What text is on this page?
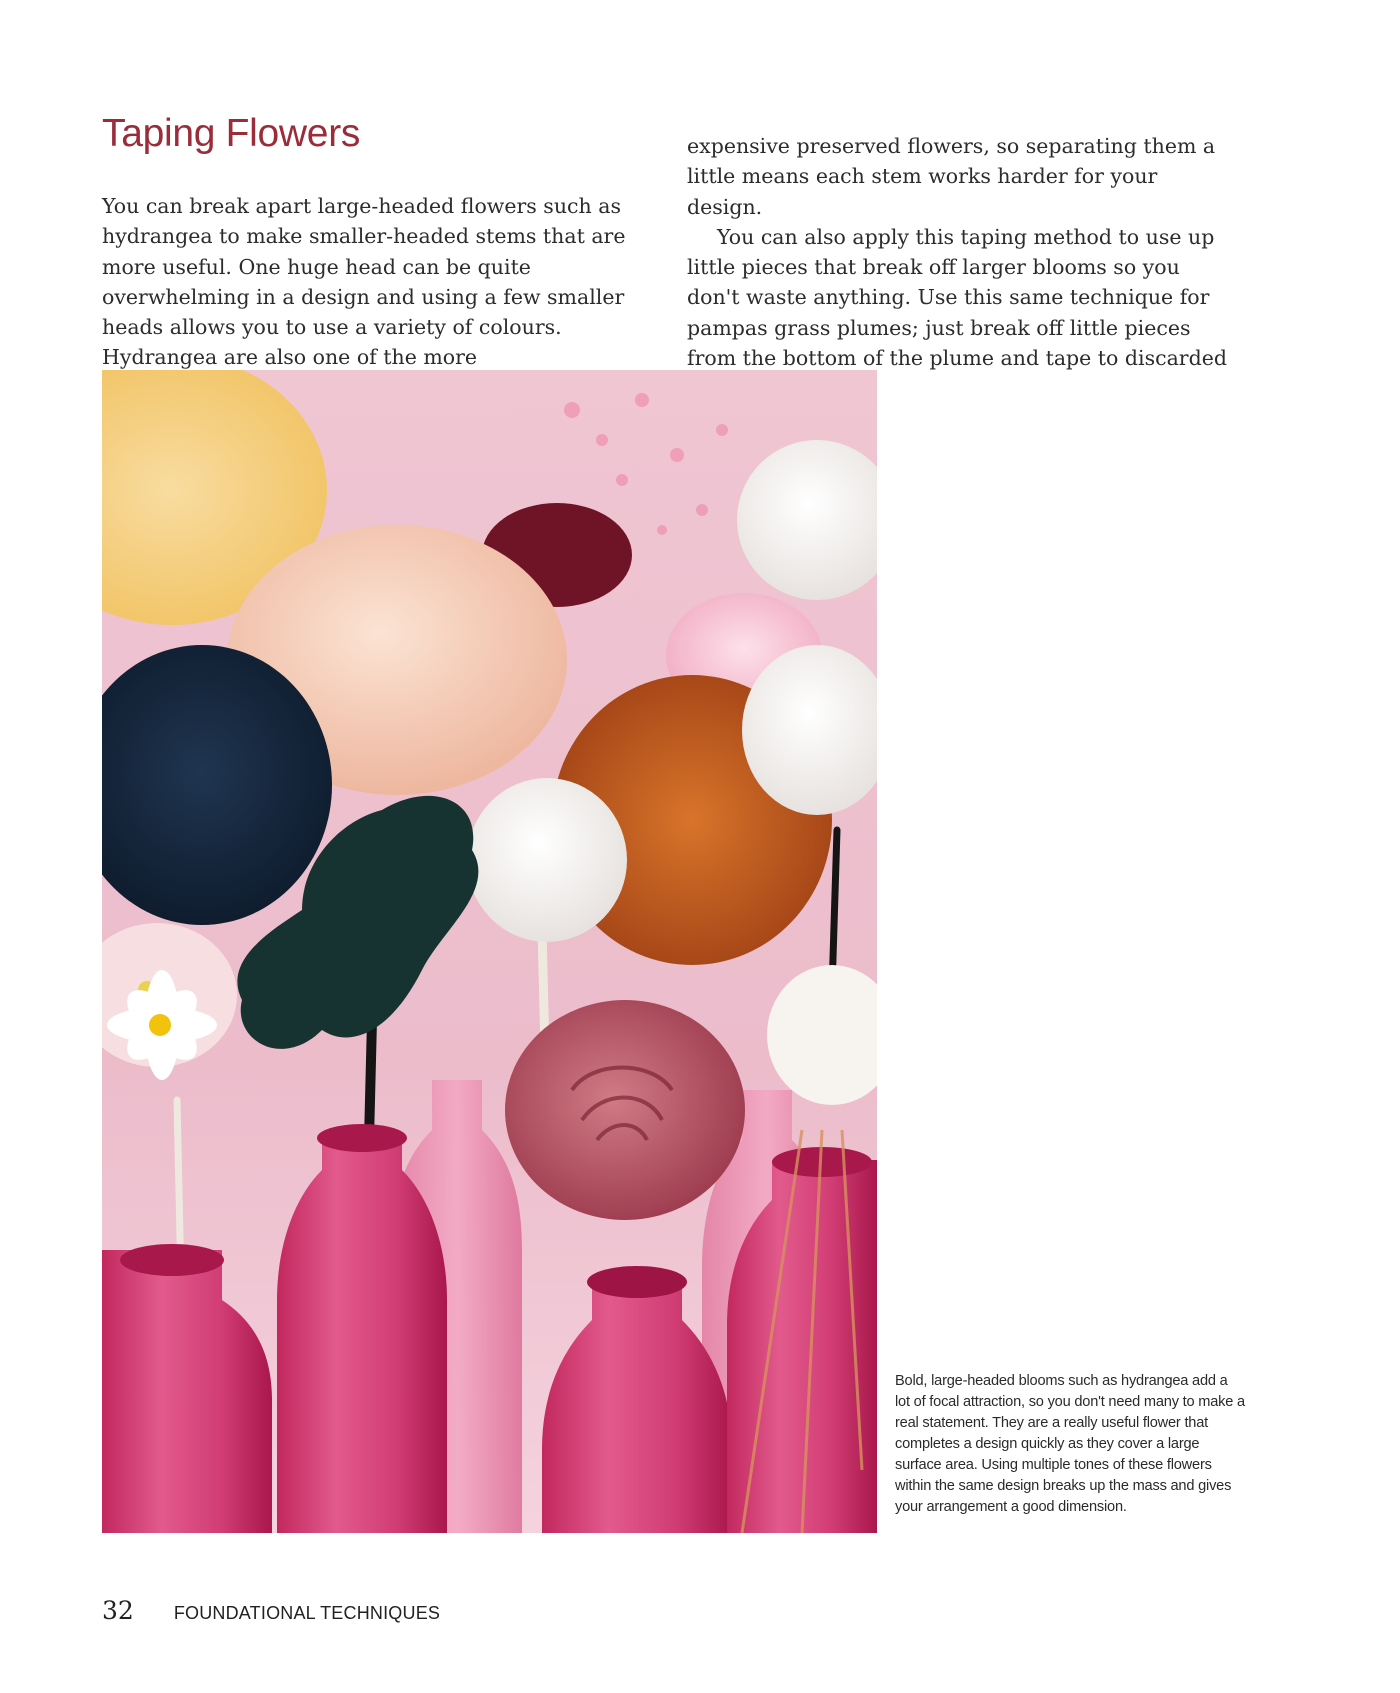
Taping Flowers

You can break apart large-headed flowers such as hydrangea to make smaller-headed stems that are more useful. One huge head can be quite overwhelming in a design and using a few smaller heads allows you to use a variety of colours. Hydrangea are also one of the more

expensive preserved flowers, so separating them a little means each stem works harder for your design.

You can also apply this taping method to use up little pieces that break off larger blooms so you don't waste anything. Use this same technique for pampas grass plumes; just break off little pieces from the bottom of the plume and tape to discarded

Bold, large-headed blooms such as hydrangea add a lot of focal attraction, so you don't need many to make a real statement. They are a really useful flower that completes a design quickly as they cover a large surface area. Using multiple tones of these flowers within the same design breaks up the mass and gives your arrangement a good dimension.

32 FOUNDATIONAL TECHNIQUES
